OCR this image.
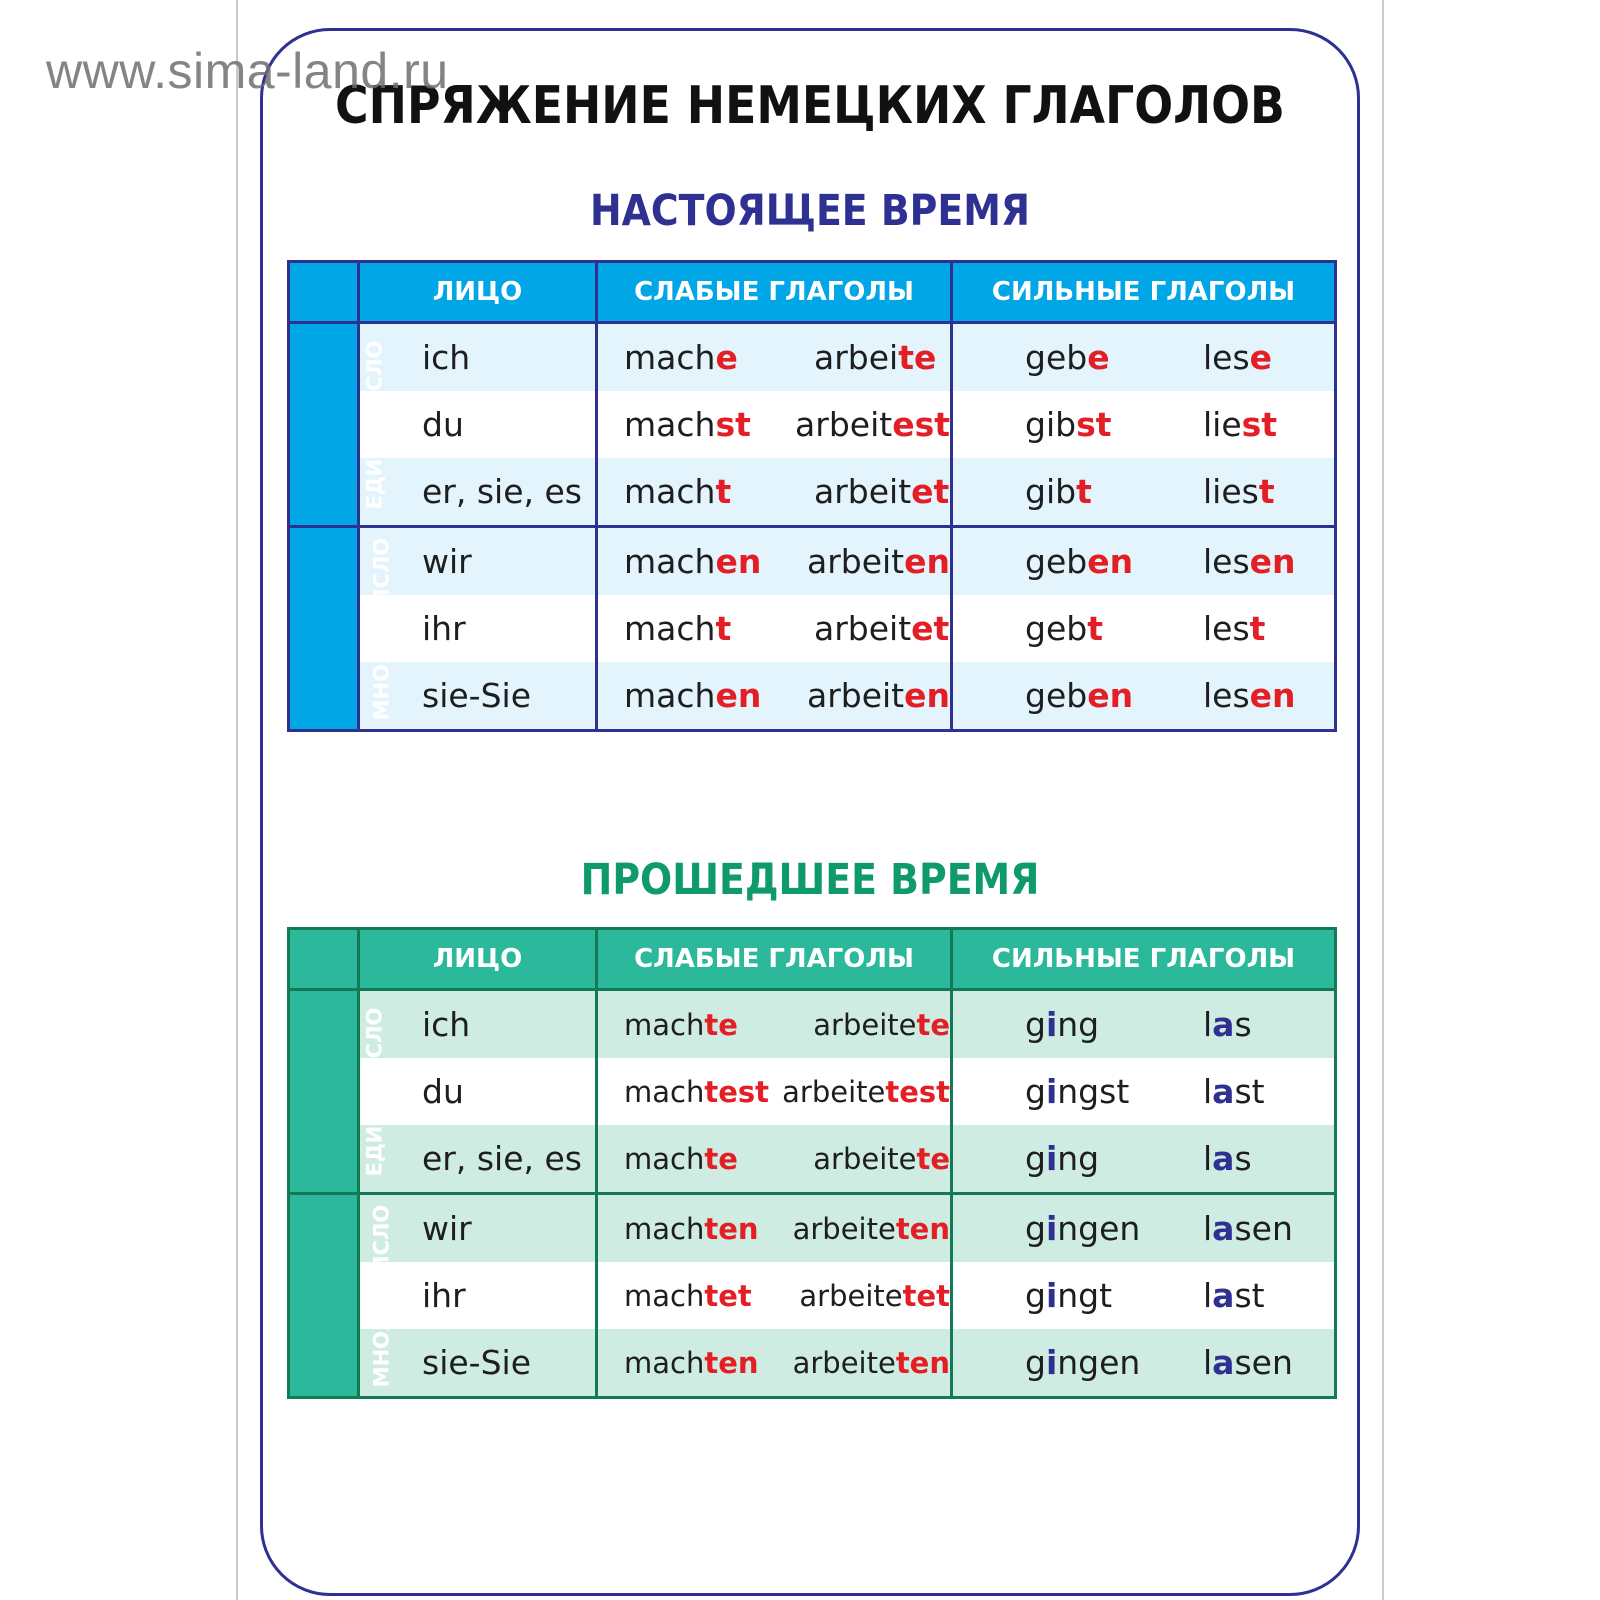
www.sima-land.ru
СПРЯЖЕНИЕ НЕМЕЦКИХ ГЛАГОЛОВ
НАСТОЯЩЕЕ ВРЕМЯ
ПРОШЕДШЕЕ ВРЕМЯ
	ЛИЦО	СЛАБЫЕ ГЛАГОЛЫ	СИЛЬНЫЕ ГЛАГОЛЫ
ЕДИН. ЧИСЛО	ich	mache arbeite	gebe lese

	du	machst arbeitest	gibst liest

	er, sie, es	macht arbeitet	gibt liest

МНОЖ. ЧИСЛО	wir	machen arbeiten	geben lesen

	ihr	macht arbeitet	gebt lest

	sie-Sie	machen arbeiten	geben lesen
	ЛИЦО	СЛАБЫЕ ГЛАГОЛЫ	СИЛЬНЫЕ ГЛАГОЛЫ
ЕДИН. ЧИСЛО	ich	machte arbeitete	ging las

	du	machtest arbeitetest	gingst last

	er, sie, es	machte arbeitete	ging las

МНОЖ. ЧИСЛО	wir	machten arbeiteten	gingen lasen

	ihr	machtet arbeitetet	gingt last

	sie-Sie	machten arbeiteten	gingen lasen
